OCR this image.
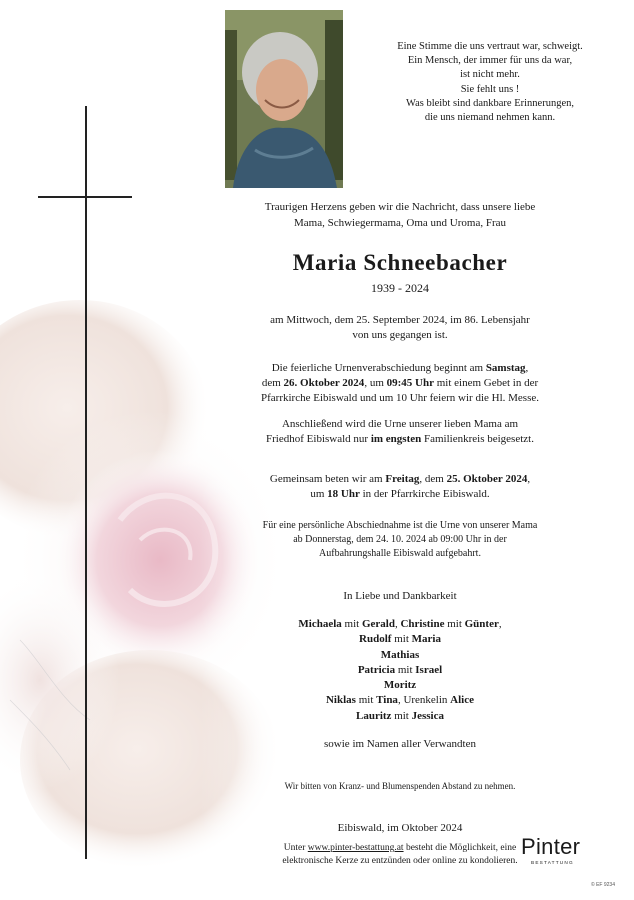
Eine Stimme die uns vertraut war, schweigt.
Ein Mensch, der immer für uns da war,
ist nicht mehr.
Sie fehlt uns !
Was bleibt sind dankbare Erinnerungen,
die uns niemand nehmen kann.
Traurigen Herzens geben wir die Nachricht, dass unsere liebe
Mama, Schwiegermama, Oma und Uroma, Frau
Maria Schneebacher
1939 - 2024
am Mittwoch, dem 25. September 2024, im 86. Lebensjahr
von uns gegangen ist.
Die feierliche Urnenverabschiedung beginnt am Samstag,
dem 26. Oktober 2024, um 09:45 Uhr mit einem Gebet in der
Pfarrkirche Eibiswald und um 10 Uhr feiern wir die Hl. Messe.
Anschließend wird die Urne unserer lieben Mama am
Friedhof Eibiswald nur im engsten Familienkreis beigesetzt.
Gemeinsam beten wir am Freitag, dem 25. Oktober 2024,
um 18 Uhr in der Pfarrkirche Eibiswald.
Für eine persönliche Abschiednahme ist die Urne von unserer Mama
ab Donnerstag, dem 24. 10. 2024 ab 09:00 Uhr in der
Aufbahrungshalle Eibiswald aufgebahrt.
In Liebe und Dankbarkeit
Michaela mit Gerald, Christine mit Günter,
Rudolf mit Maria
Mathias
Patricia mit Israel
Moritz
Niklas mit Tina, Urenkelin Alice
Lauritz mit Jessica
sowie im Namen aller Verwandten
Wir bitten von Kranz- und Blumenspenden Abstand zu nehmen.
Eibiswald, im Oktober 2024
Unter www.pinter-bestattung.at besteht die Möglichkeit, eine
elektronische Kerze zu entzünden oder online zu kondolieren.
Pinter
BESTATTUNG
© EF 9234
